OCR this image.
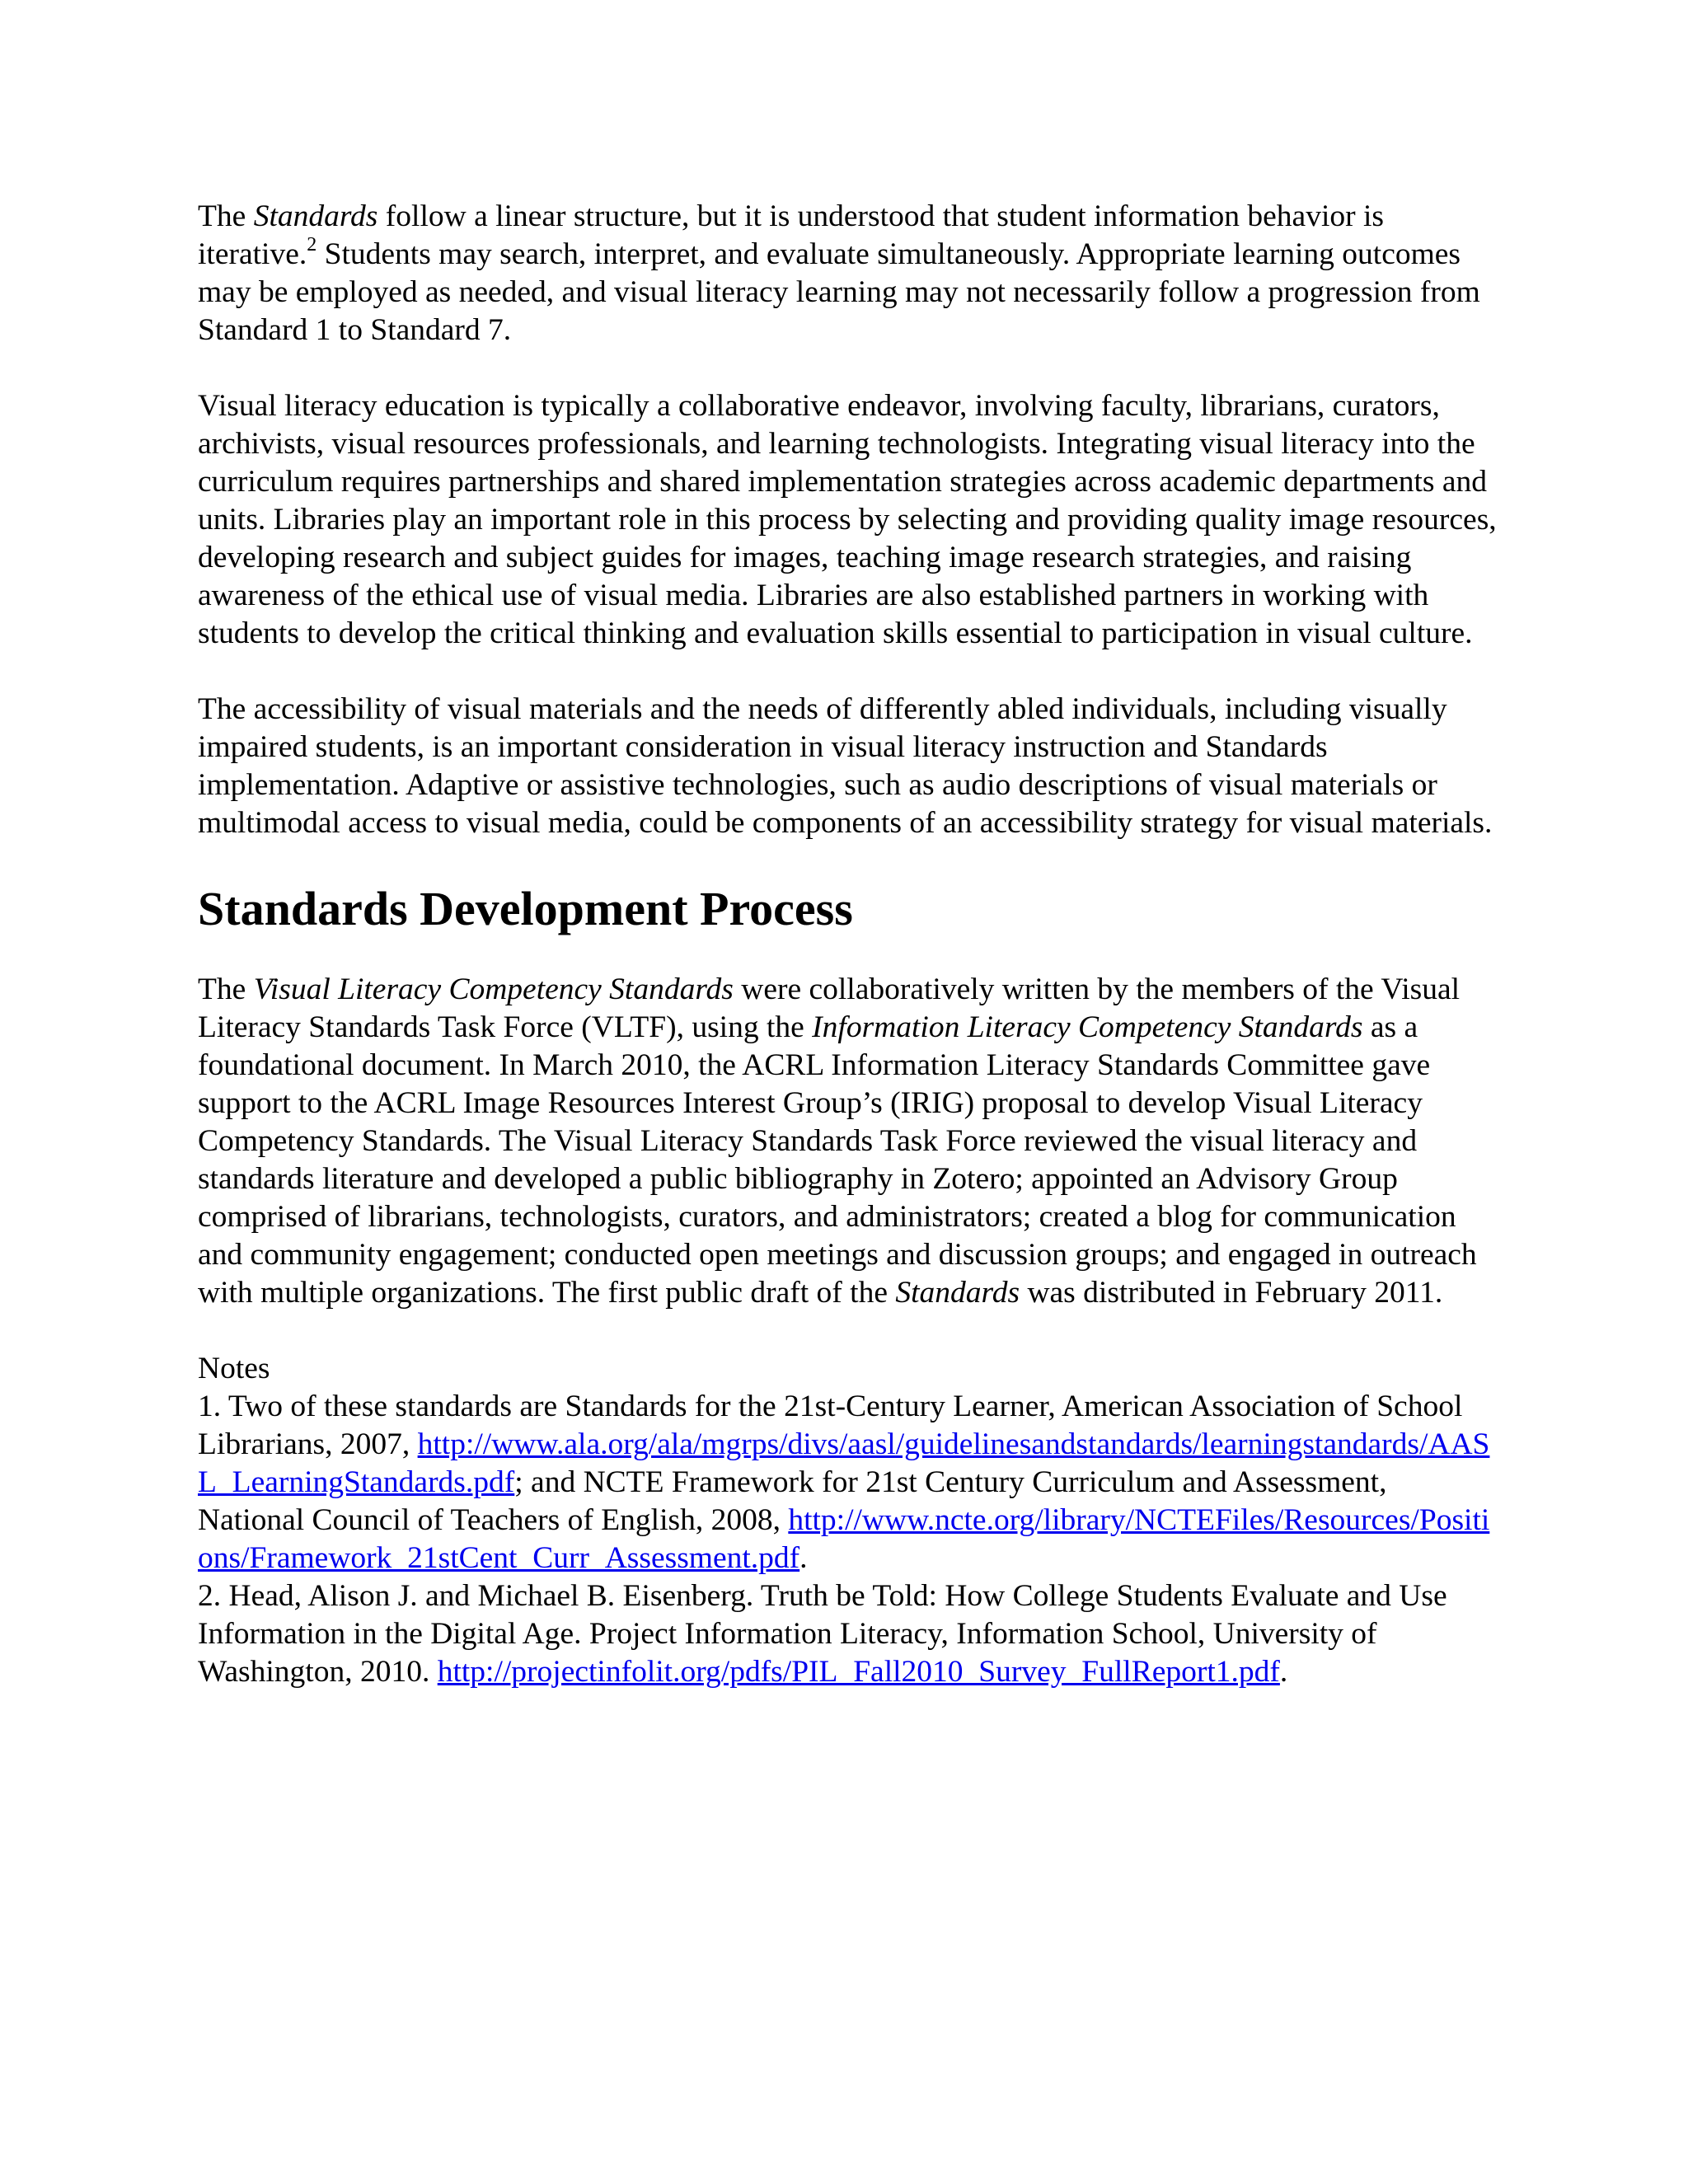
The Standards follow a linear structure, but it is understood that student information behavior is iterative.$^2$ Students may search, interpret, and evaluate simultaneously. Appropriate learning outcomes may be employed as needed, and visual literacy learning may not necessarily follow a progression from Standard 1 to Standard 7.

Visual literacy education is typically a collaborative endeavor, involving faculty, librarians, curators, archivists, visual resources professionals, and learning technologists. Integrating visual literacy into the curriculum requires partnerships and shared implementation strategies across academic departments and units. Libraries play an important role in this process by selecting and providing quality image resources, developing research and subject guides for images, teaching image research strategies, and raising awareness of the ethical use of visual media. Libraries are also established partners in working with students to develop the critical thinking and evaluation skills essential to participation in visual culture.

The accessibility of visual materials and the needs of differently abled individuals, including visually impaired students, is an important consideration in visual literacy instruction and Standards implementation. Adaptive or assistive technologies, such as audio descriptions of visual materials or multimodal access to visual media, could be components of an accessibility strategy for visual materials.

Standards Development Process

The Visual Literacy Competency Standards were collaboratively written by the members of the Visual Literacy Standards Task Force (VLTF), using the Information Literacy Competency Standards as a foundational document. In March 2010, the ACRL Information Literacy Standards Committee gave support to the ACRL Image Resources Interest Group’s (IRIG) proposal to develop Visual Literacy Competency Standards. The Visual Literacy Standards Task Force reviewed the visual literacy and standards literature and developed a public bibliography in Zotero; appointed an Advisory Group comprised of librarians, technologists, curators, and administrators; created a blog for communication and community engagement; conducted open meetings and discussion groups; and engaged in outreach with multiple organizations. The first public draft of the Standards was distributed in February 2011.

Notes

1. Two of these standards are Standards for the 21st-Century Learner, American Association of School Librarians, 2007, http://www.ala.org/ala/mgrps/divs/aasl/guidelinesandstandards/learningstandards/AASL_LearningStandards.pdf; and NCTE Framework for 21st Century Curriculum and Assessment, National Council of Teachers of English, 2008, http://www.ncte.org/library/NCTEFiles/Resources/Positions/Framework_21stCent_Curr_Assessment.pdf.

2. Head, Alison J. and Michael B. Eisenberg. Truth be Told: How College Students Evaluate and Use Information in the Digital Age. Project Information Literacy, Information School, University of Washington, 2010. http://projectinfolit.org/pdfs/PIL_Fall2010_Survey_FullReport1.pdf.
